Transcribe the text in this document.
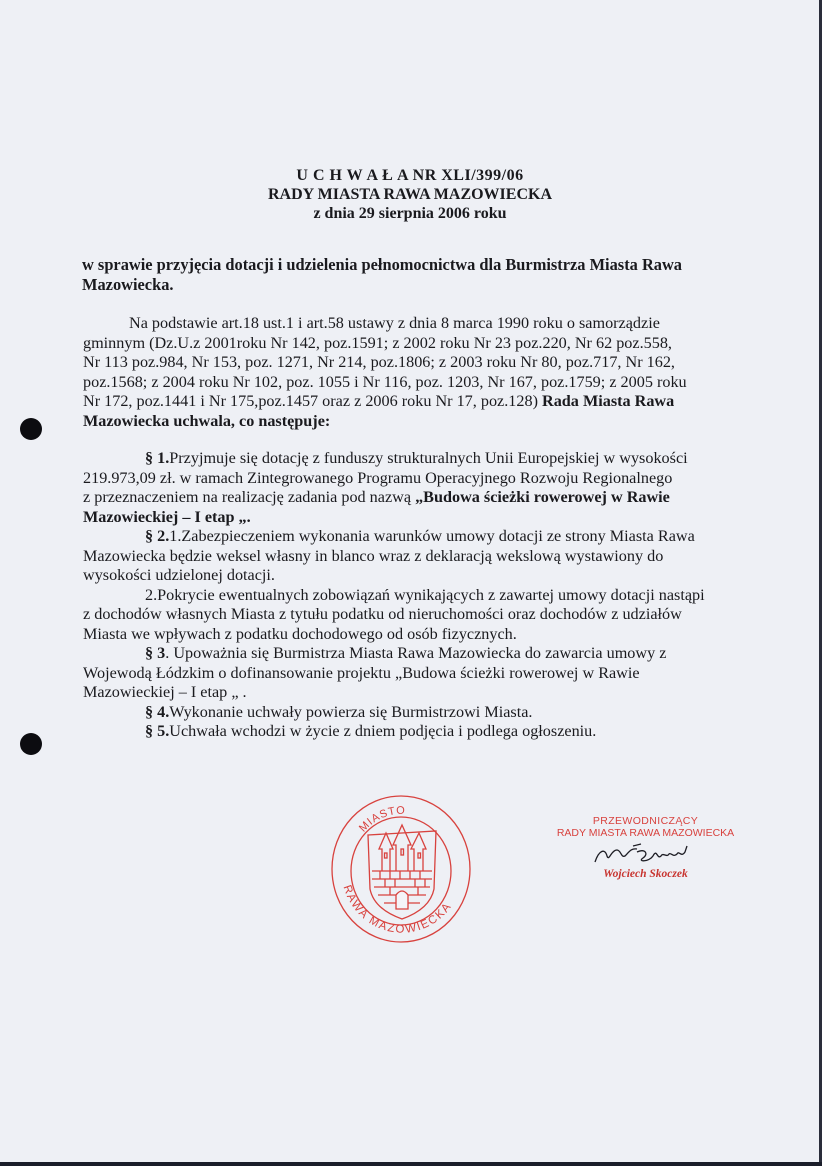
U C H W A Ł A NR XLI/399/06
RADY MIASTA RAWA MAZOWIECKA
z dnia 29 sierpnia 2006 roku
w sprawie przyjęcia dotacji i udzielenia pełnomocnictwa dla Burmistrza Miasta Rawa
Mazowiecka.
Na podstawie art.18 ust.1 i art.58 ustawy z dnia 8 marca 1990 roku o samorządzie
gminnym (Dz.U.z 2001roku Nr 142, poz.1591; z 2002 roku Nr 23 poz.220, Nr 62 poz.558,
Nr 113 poz.984, Nr 153, poz. 1271, Nr 214, poz.1806; z 2003 roku Nr 80, poz.717, Nr 162,
poz.1568; z 2004 roku Nr 102, poz. 1055 i Nr 116, poz. 1203, Nr 167, poz.1759; z 2005 roku
Nr 172, poz.1441 i Nr 175,poz.1457 oraz z 2006 roku Nr 17, poz.128) Rada Miasta Rawa
Mazowiecka uchwala, co następuje:
§ 1.Przyjmuje się dotację z funduszy strukturalnych Unii Europejskiej w wysokości
219.973,09 zł. w ramach Zintegrowanego Programu Operacyjnego Rozwoju Regionalnego
z przeznaczeniem na realizację zadania pod nazwą „Budowa ścieżki rowerowej w Rawie
Mazowieckiej – I etap „.
§ 2.1.Zabezpieczeniem wykonania warunków umowy dotacji ze strony Miasta Rawa
Mazowiecka będzie weksel własny in blanco wraz z deklaracją wekslową wystawiony do
wysokości udzielonej dotacji.
2.Pokrycie ewentualnych zobowiązań wynikających z zawartej umowy dotacji nastąpi
z dochodów własnych Miasta z tytułu podatku od nieruchomości oraz dochodów z udziałów
Miasta we wpływach z podatku dochodowego od osób fizycznych.
§ 3. Upoważnia się Burmistrza Miasta Rawa Mazowiecka do zawarcia umowy z
Wojewodą Łódzkim o dofinansowanie projektu „Budowa ścieżki rowerowej w Rawie
Mazowieckiej – I etap „ .
§ 4.Wykonanie uchwały powierza się Burmistrzowi Miasta.
§ 5.Uchwała wchodzi w życie z dniem podjęcia i podlega ogłoszeniu.
MIASTO
PRZEWODNICZĄCY
RADY MIASTA RAWA MAZOWIECKA
Wojciech Skoczek
RAWA MAZOWIECKA
